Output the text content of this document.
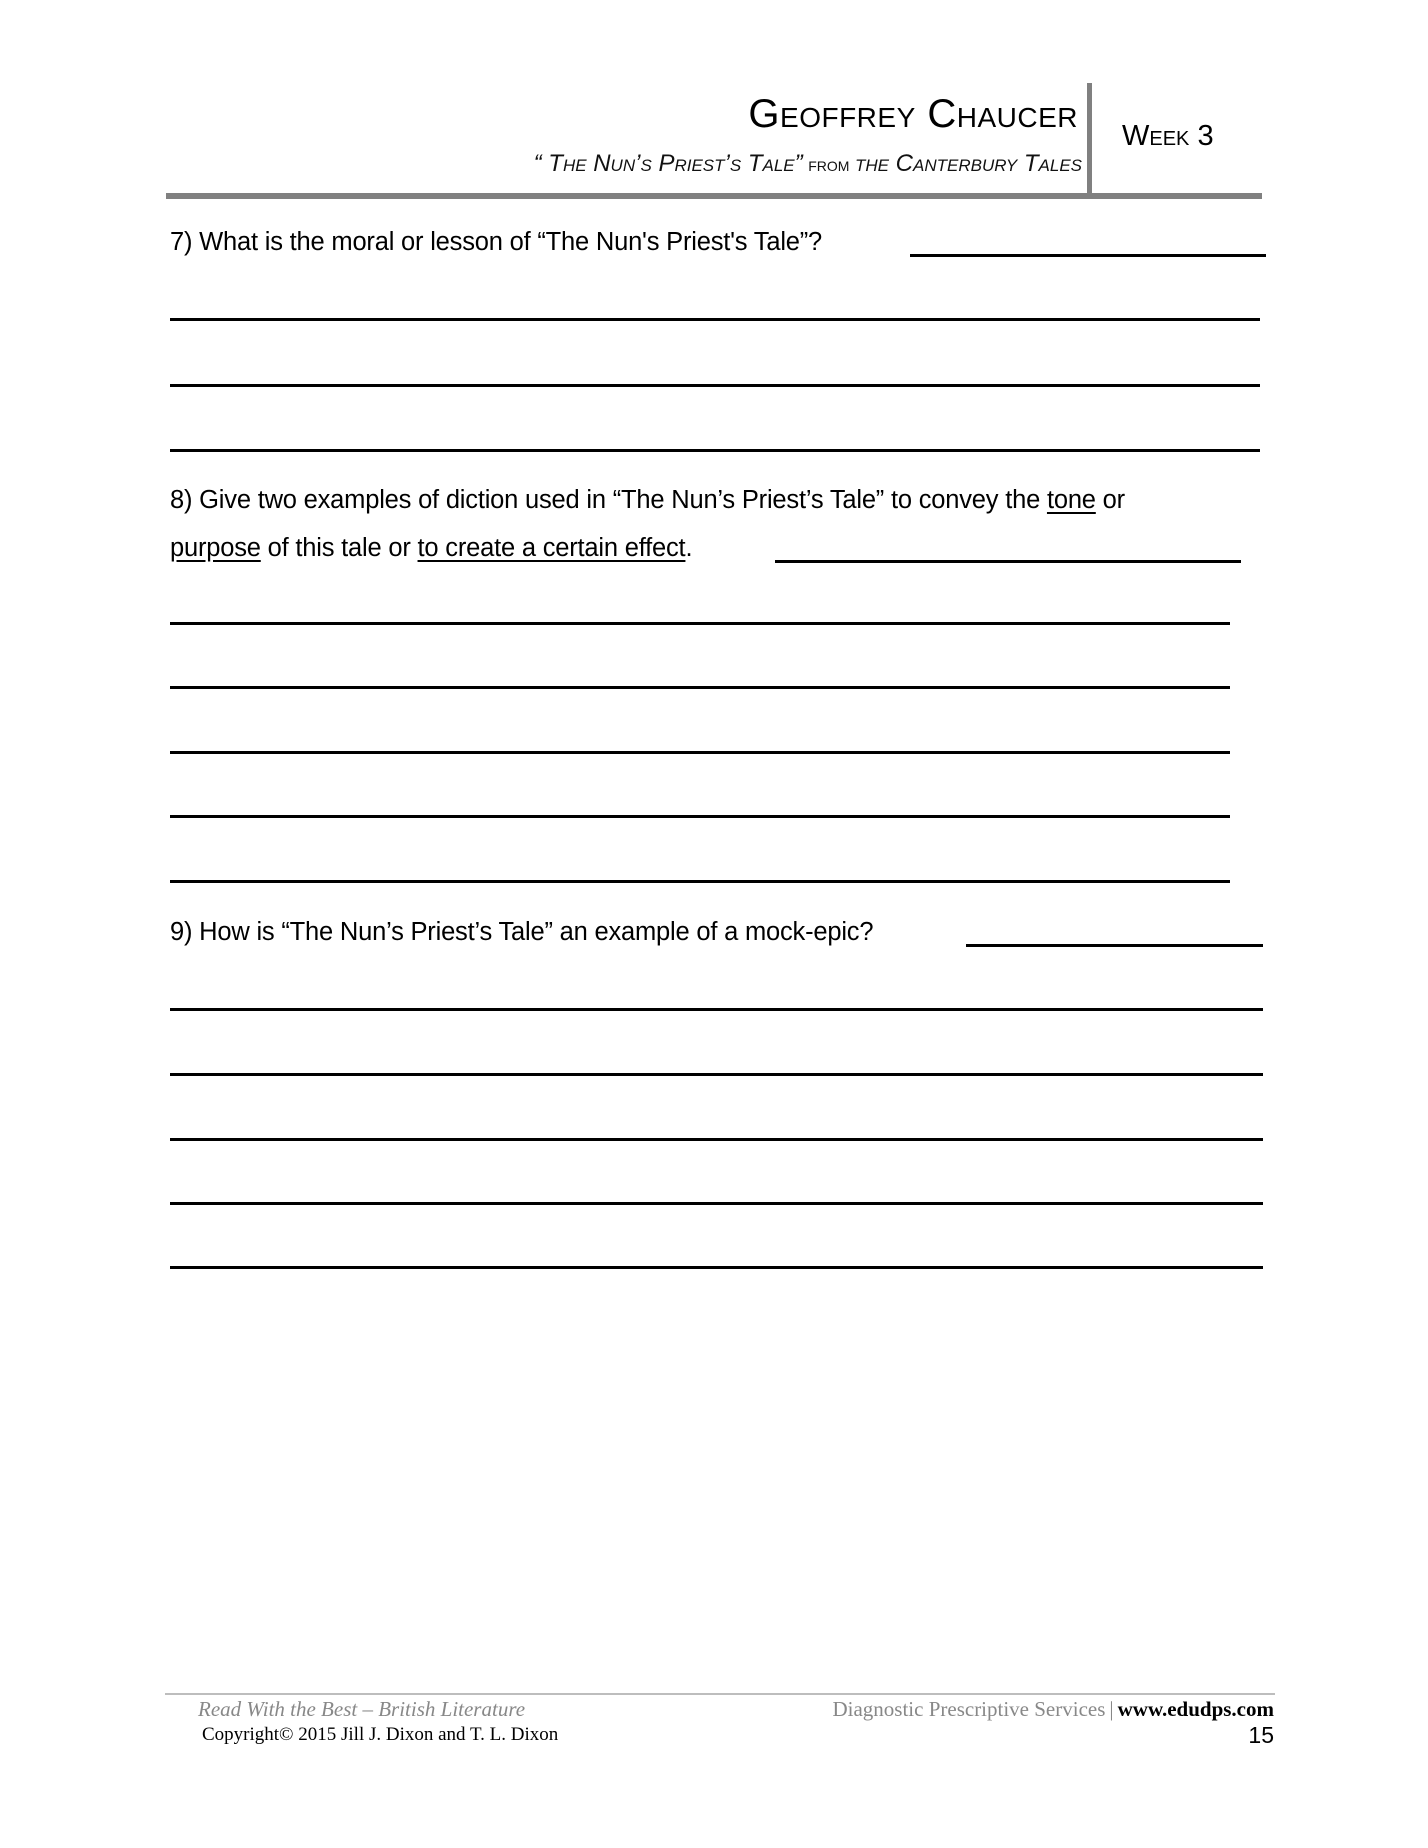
Geoffrey Chaucer
“ The Nun’s Priest’s Tale” from the Canterbury Tales
Week 3
7) What is the moral or lesson of “The Nun's Priest's Tale”?
8) Give two examples of diction used in “The Nun’s Priest’s Tale” to convey the tone or
purpose of this tale or to create a certain effect.
9) How is “The Nun’s Priest’s Tale” an example of a mock-epic?
Read With the Best – British Literature
Copyright© 2015 Jill J. Dixon and T. L. Dixon
Diagnostic Prescriptive Services | www.edudps.com
15
